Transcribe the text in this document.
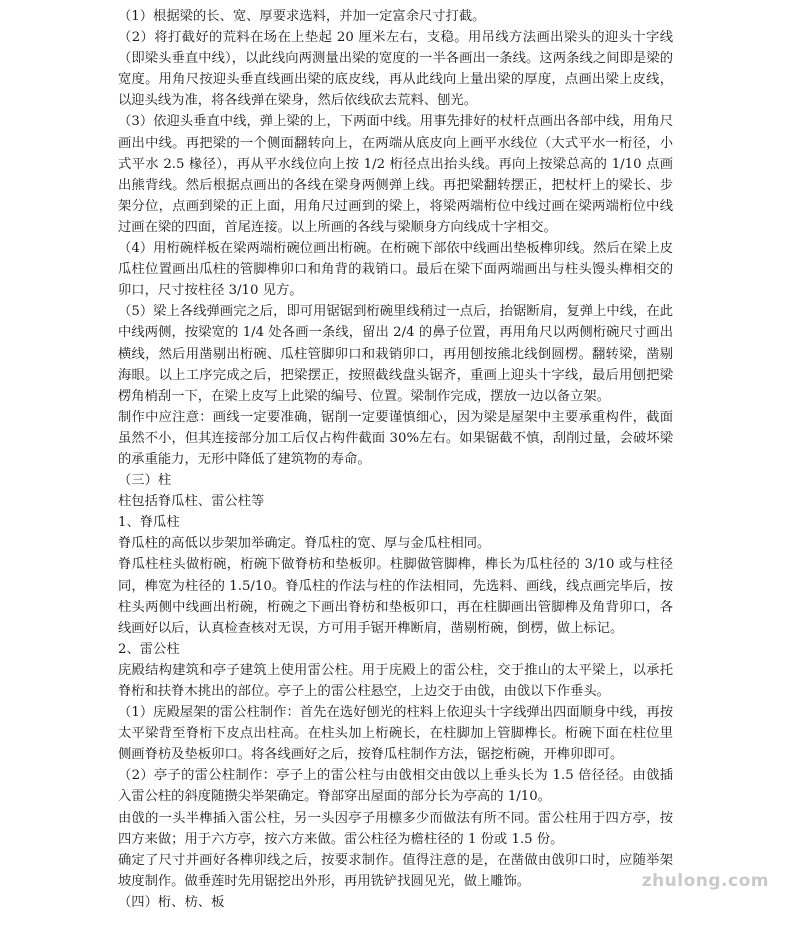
（1）根据梁的长、宽、厚要求选料，并加一定富余尺寸打截。

（2）将打截好的荒料在场在上垫起 20 厘米左右，支稳。用吊线方法画出梁头的迎头十字线（即梁头垂直中线），以此线向两测量出梁的宽度的一半各画出一条线。这两条线之间即是梁的宽度。用角尺按迎头垂直线画出梁的底皮线，再从此线向上量出梁的厚度，点画出梁上皮线，以迎头线为准，将各线弹在梁身，然后依线砍去荒料、刨光。

（3）依迎头垂直中线，弹上梁的上，下两面中线。用事先排好的杖杆点画出各部中线，用角尺画出中线。再把梁的一个侧面翻转向上，在两端从底皮向上画平水线位（大式平水一桁径，小式平水 2.5 椽径），再从平水线位向上按 1/2 桁径点出抬头线。再向上按梁总高的 1/10 点画出熊背线。然后根据点画出的各线在梁身两侧弹上线。再把梁翻转摆正，把杖杆上的梁长、步架分位，点画到梁的正上面，用角尺过画到的梁上，将梁两端桁位中线过画在梁两端桁位中线过画在梁的四面，首尾连接。以上所画的各线与梁顺身方向线成十字相交。

（4）用桁碗样板在梁两端桁碗位画出桁碗。在桁碗下部依中线画出垫板榫卯线。然后在梁上皮瓜柱位置画出瓜柱的管脚榫卯口和角背的栽销口。最后在梁下面两端画出与柱头馒头榫相交的卯口，尺寸按柱径 3/10 见方。

（5）梁上各线弹画完之后，即可用锯锯到桁碗里线稍过一点后，抬锯断肩，复弹上中线，在此中线两侧，按梁宽的 1/4 处各画一条线，留出 2/4 的鼻子位置，再用角尺以两侧桁碗尺寸画出横线，然后用凿剔出桁碗、瓜柱管脚卯口和栽销卯口，再用刨按熊北线倒圆楞。翻转梁，凿剔海眼。以上工序完成之后，把梁摆正，按照截线盘头锯齐，重画上迎头十字线，最后用刨把梁楞角梢刮一下，在梁上皮写上此梁的编号、位置。梁制作完成，摆放一边以备立架。

制作中应注意：画线一定要准确，锯削一定要谨慎细心，因为梁是屋架中主要承重构件，截面虽然不小，但其连接部分加工后仅占构件截面 30%左右。如果锯截不慎，刮削过量，会破坏梁的承重能力，无形中降低了建筑物的寿命。

（三）柱

柱包括脊瓜柱、雷公柱等

1、脊瓜柱

脊瓜柱的高低以步架加举确定。脊瓜柱的宽、厚与金瓜柱相同。

脊瓜柱柱头做桁碗，桁碗下做脊枋和垫板卯。柱脚做管脚榫，榫长为瓜柱径的 3/10 或与柱径同，榫宽为柱径的 1.5/10。脊瓜柱的作法与柱的作法相同，先选料、画线，线点画完毕后，按柱头两侧中线画出桁碗，桁碗之下画出脊枋和垫板卯口，再在柱脚画出管脚榫及角背卯口，各线画好以后，认真检查核对无误，方可用手锯开榫断肩，凿剔桁碗，倒楞，做上标记。

2、雷公柱

庑殿结构建筑和亭子建筑上使用雷公柱。用于庑殿上的雷公柱，交于推山的太平梁上，以承托脊桁和扶脊木挑出的部位。亭子上的雷公柱悬空，上边交于由戗，由戗以下作垂头。

（1）庑殿屋架的雷公柱制作：首先在选好刨光的柱料上依迎头十字线弹出四面顺身中线，再按太平梁背至脊桁下皮点出柱高。在柱头加上桁碗长，在柱脚加上管脚榫长。桁碗下面在柱位里侧画脊枋及垫板卯口。将各线画好之后，按脊瓜柱制作方法，锯挖桁碗，开榫卯即可。

（2）亭子的雷公柱制作：亭子上的雷公柱与由戗相交由戗以上垂头长为 1.5 倍径径。由戗插入雷公柱的斜度随攒尖举架确定。脊部穿出屋面的部分长为亭高的 1/10。

由戗的一头半榫插入雷公柱，另一头因亭子用檩多少而做法有所不同。雷公柱用于四方亭，按四方来做；用于六方亭，按六方来做。雷公柱径为檐柱径的 1 份或 1.5 份。

确定了尺寸并画好各榫卯线之后，按要求制作。值得注意的是，在凿做由戗卯口时，应随举架坡度制作。做垂莲时先用锯挖出外形，再用铣铲找圆见光，做上雕饰。

（四）桁、枋、板

zhulong.com
